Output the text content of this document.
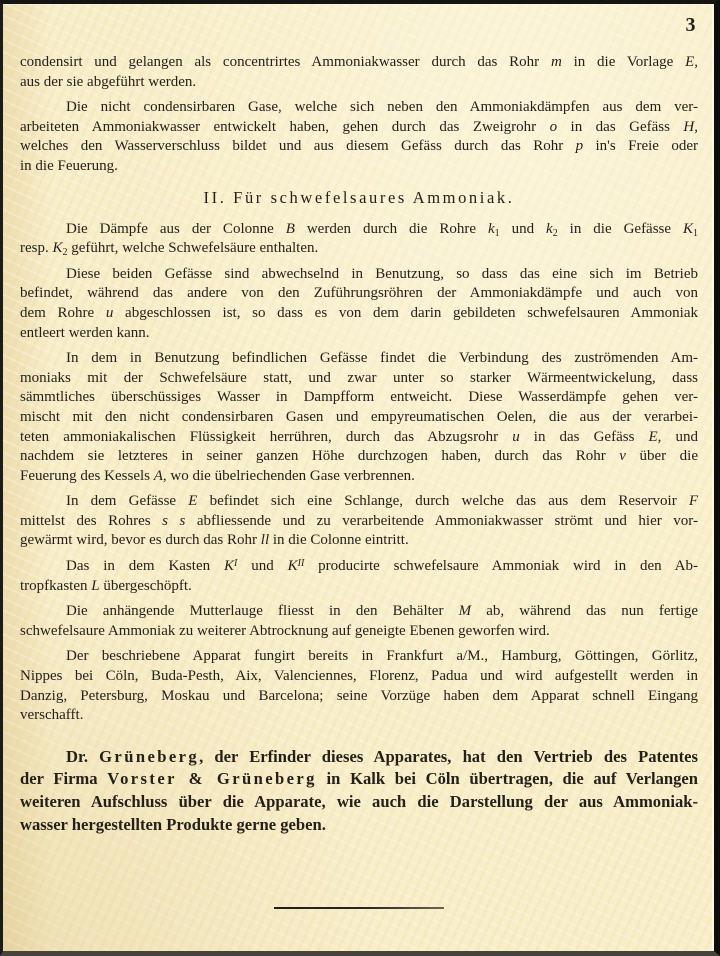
3
condensirt und gelangen als concentrirtes Ammoniakwasser durch das Rohr m in die Vorlage E,
aus der sie abgeführt werden.
Die nicht condensirbaren Gase, welche sich neben den Ammoniakdämpfen aus dem ver-
arbeiteten Ammoniakwasser entwickelt haben, gehen durch das Zweigrohr o in das Gefäss H,
welches den Wasserverschluss bildet und aus diesem Gefäss durch das Rohr p in's Freie oder
in die Feuerung.
II. Für schwefelsaures Ammoniak.
Die Dämpfe aus der Colonne B werden durch die Rohre $k_1$ und $k_2$ in die Gefässe $K_1$
resp. $K_2$ geführt, welche Schwefelsäure enthalten.
Diese beiden Gefässe sind abwechselnd in Benutzung, so dass das eine sich im Betrieb
befindet, während das andere von den Zuführungsröhren der Ammoniakdämpfe und auch von
dem Rohre u abgeschlossen ist, so dass es von dem darin gebildeten schwefelsauren Ammoniak
entleert werden kann.
In dem in Benutzung befindlichen Gefässe findet die Verbindung des zuströmenden Am-
moniaks mit der Schwefelsäure statt, und zwar unter so starker Wärmeentwickelung, dass
sämmtliches überschüssiges Wasser in Dampfform entweicht. Diese Wasserdämpfe gehen ver-
mischt mit den nicht condensirbaren Gasen und empyreumatischen Oelen, die aus der verarbei-
teten ammoniakalischen Flüssigkeit herrühren, durch das Abzugsrohr u in das Gefäss E, und
nachdem sie letzteres in seiner ganzen Höhe durchzogen haben, durch das Rohr v über die
Feuerung des Kessels A, wo die übelriechenden Gase verbrennen.
In dem Gefässe E befindet sich eine Schlange, durch welche das aus dem Reservoir F
mittelst des Rohres s s abfliessende und zu verarbeitende Ammoniakwasser strömt und hier vor-
gewärmt wird, bevor es durch das Rohr ll in die Colonne eintritt.
Das in dem Kasten $K^I$ und $K^{II}$ producirte schwefelsaure Ammoniak wird in den Ab-
tropfkasten L übergeschöpft.
Die anhängende Mutterlauge fliesst in den Behälter M ab, während das nun fertige
schwefelsaure Ammoniak zu weiterer Abtrocknung auf geneigte Ebenen geworfen wird.
Der beschriebene Apparat fungirt bereits in Frankfurt a/M., Hamburg, Göttingen, Görlitz,
Nippes bei Cöln, Buda-Pesth, Aix, Valenciennes, Florenz, Padua und wird aufgestellt werden in
Danzig, Petersburg, Moskau und Barcelona; seine Vorzüge haben dem Apparat schnell Eingang
verschafft.
Dr. Grüneberg, der Erfinder dieses Apparates, hat den Vertrieb des Patentes
der Firma Vorster & Grüneberg in Kalk bei Cöln übertragen, die auf Verlangen
weiteren Aufschluss über die Apparate, wie auch die Darstellung der aus Ammoniak-
wasser hergestellten Produkte gerne geben.
